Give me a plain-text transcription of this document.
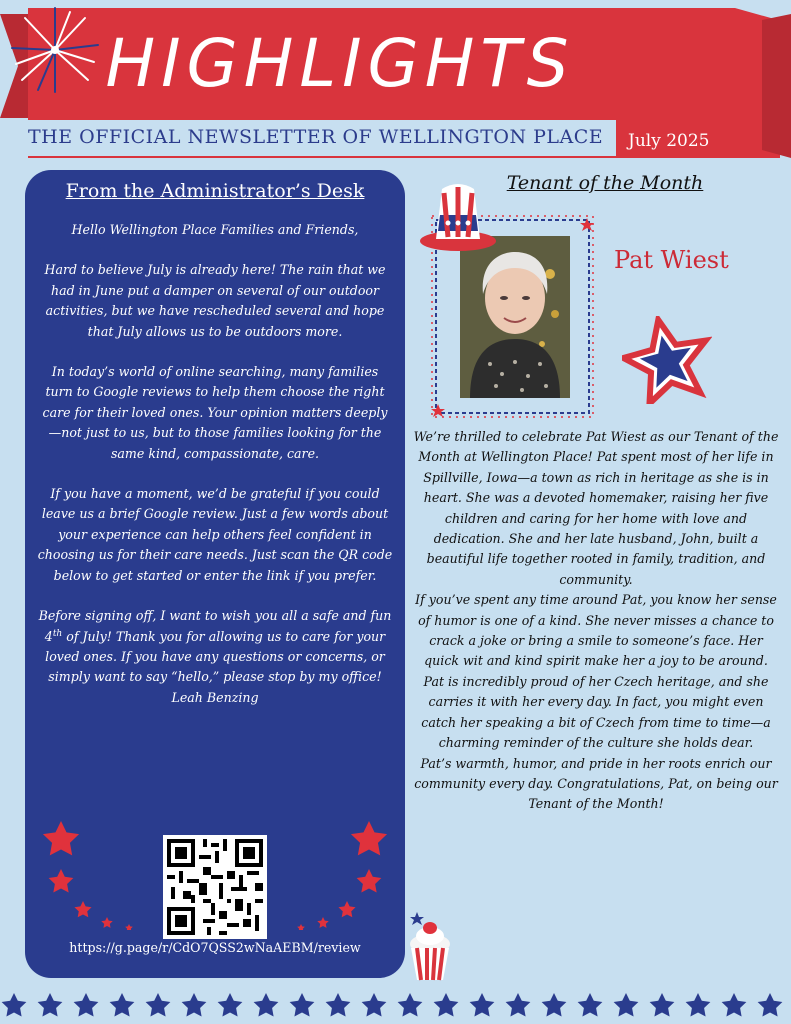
HIGHLIGHTS
THE OFFICIAL NEWSLETTER OF WELLINGTON PLACE	July 2025
From the Administrator’s Desk

Hello Wellington Place Families and Friends,

Hard to believe July is already here! The rain that we had in June put a damper on several of our outdoor activities, but we have rescheduled several and hope that July allows us to be outdoors more.

In today’s world of online searching, many families turn to Google reviews to help them choose the right care for their loved ones. Your opinion matters deeply—not just to us, but to those families looking for the same kind, compassionate, care.

If you have a moment, we’d be grateful if you could leave us a brief Google review. Just a few words about your experience can help others feel confident in choosing us for their care needs. Just scan the QR code below to get started or enter the link if you prefer.

Before signing off, I want to wish you all a safe and fun 4th of July! Thank you for allowing us to care for your loved ones. If you have any questions or concerns, or simply want to say “hello,” please stop by my office!

Leah Benzing

https://g.page/r/CdO7QSS2wNaAEBM/review
Tenant of the Month
Pat Wiest

We’re thrilled to celebrate Pat Wiest as our Tenant of the Month at Wellington Place! Pat spent most of her life in Spillville, Iowa—a town as rich in heritage as she is in heart. She was a devoted homemaker, raising her five children and caring for her home with love and dedication. She and her late husband, John, built a beautiful life together rooted in family, tradition, and community.

If you’ve spent any time around Pat, you know her sense of humor is one of a kind. She never misses a chance to crack a joke or bring a smile to someone’s face. Her quick wit and kind spirit make her a joy to be around.

Pat is incredibly proud of her Czech heritage, and she carries it with her every day. In fact, you might even catch her speaking a bit of Czech from time to time—a charming reminder of the culture she holds dear.

Pat’s warmth, humor, and pride in her roots enrich our community every day. Congratulations, Pat, on being our Tenant of the Month!
